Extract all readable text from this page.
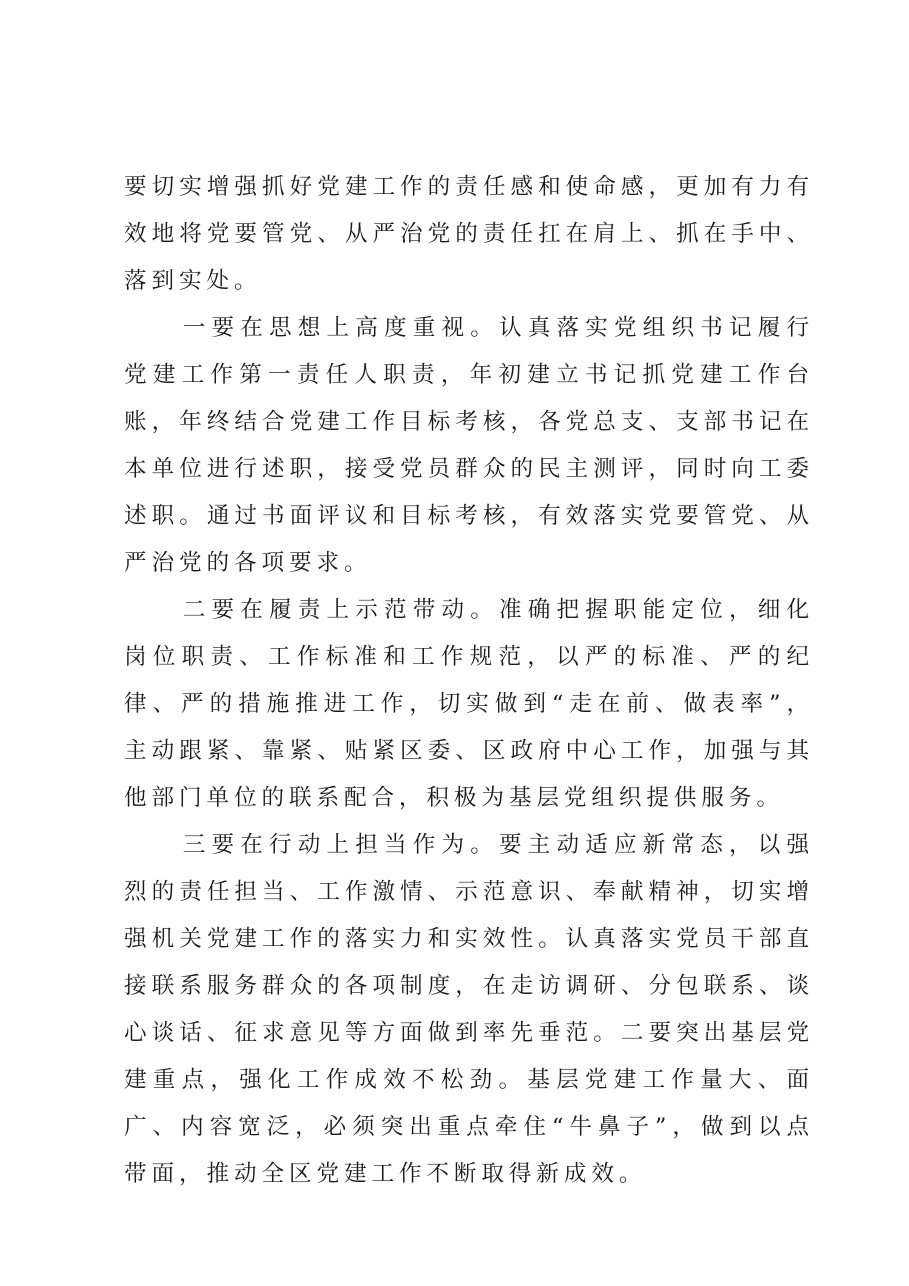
要切实增强抓好党建工作的责任感和使命感，更加有力有效地将党要管党、从严治党的责任扛在肩上、抓在手中、落到实处。

一要在思想上高度重视。认真落实党组织书记履行党建工作第一责任人职责，年初建立书记抓党建工作台账，年终结合党建工作目标考核，各党总支、支部书记在本单位进行述职，接受党员群众的民主测评，同时向工委述职。通过书面评议和目标考核，有效落实党要管党、从严治党的各项要求。

二要在履责上示范带动。准确把握职能定位，细化岗位职责、工作标准和工作规范，以严的标准、严的纪律、严的措施推进工作，切实做到“走在前、做表率”，主动跟紧、靠紧、贴紧区委、区政府中心工作，加强与其他部门单位的联系配合，积极为基层党组织提供服务。

三要在行动上担当作为。要主动适应新常态，以强烈的责任担当、工作激情、示范意识、奉献精神，切实增强机关党建工作的落实力和实效性。认真落实党员干部直接联系服务群众的各项制度，在走访调研、分包联系、谈心谈话、征求意见等方面做到率先垂范。二要突出基层党建重点，强化工作成效不松劲。基层党建工作量大、面广、内容宽泛，必须突出重点牵住“牛鼻子”，做到以点带面，推动全区党建工作不断取得新成效。
